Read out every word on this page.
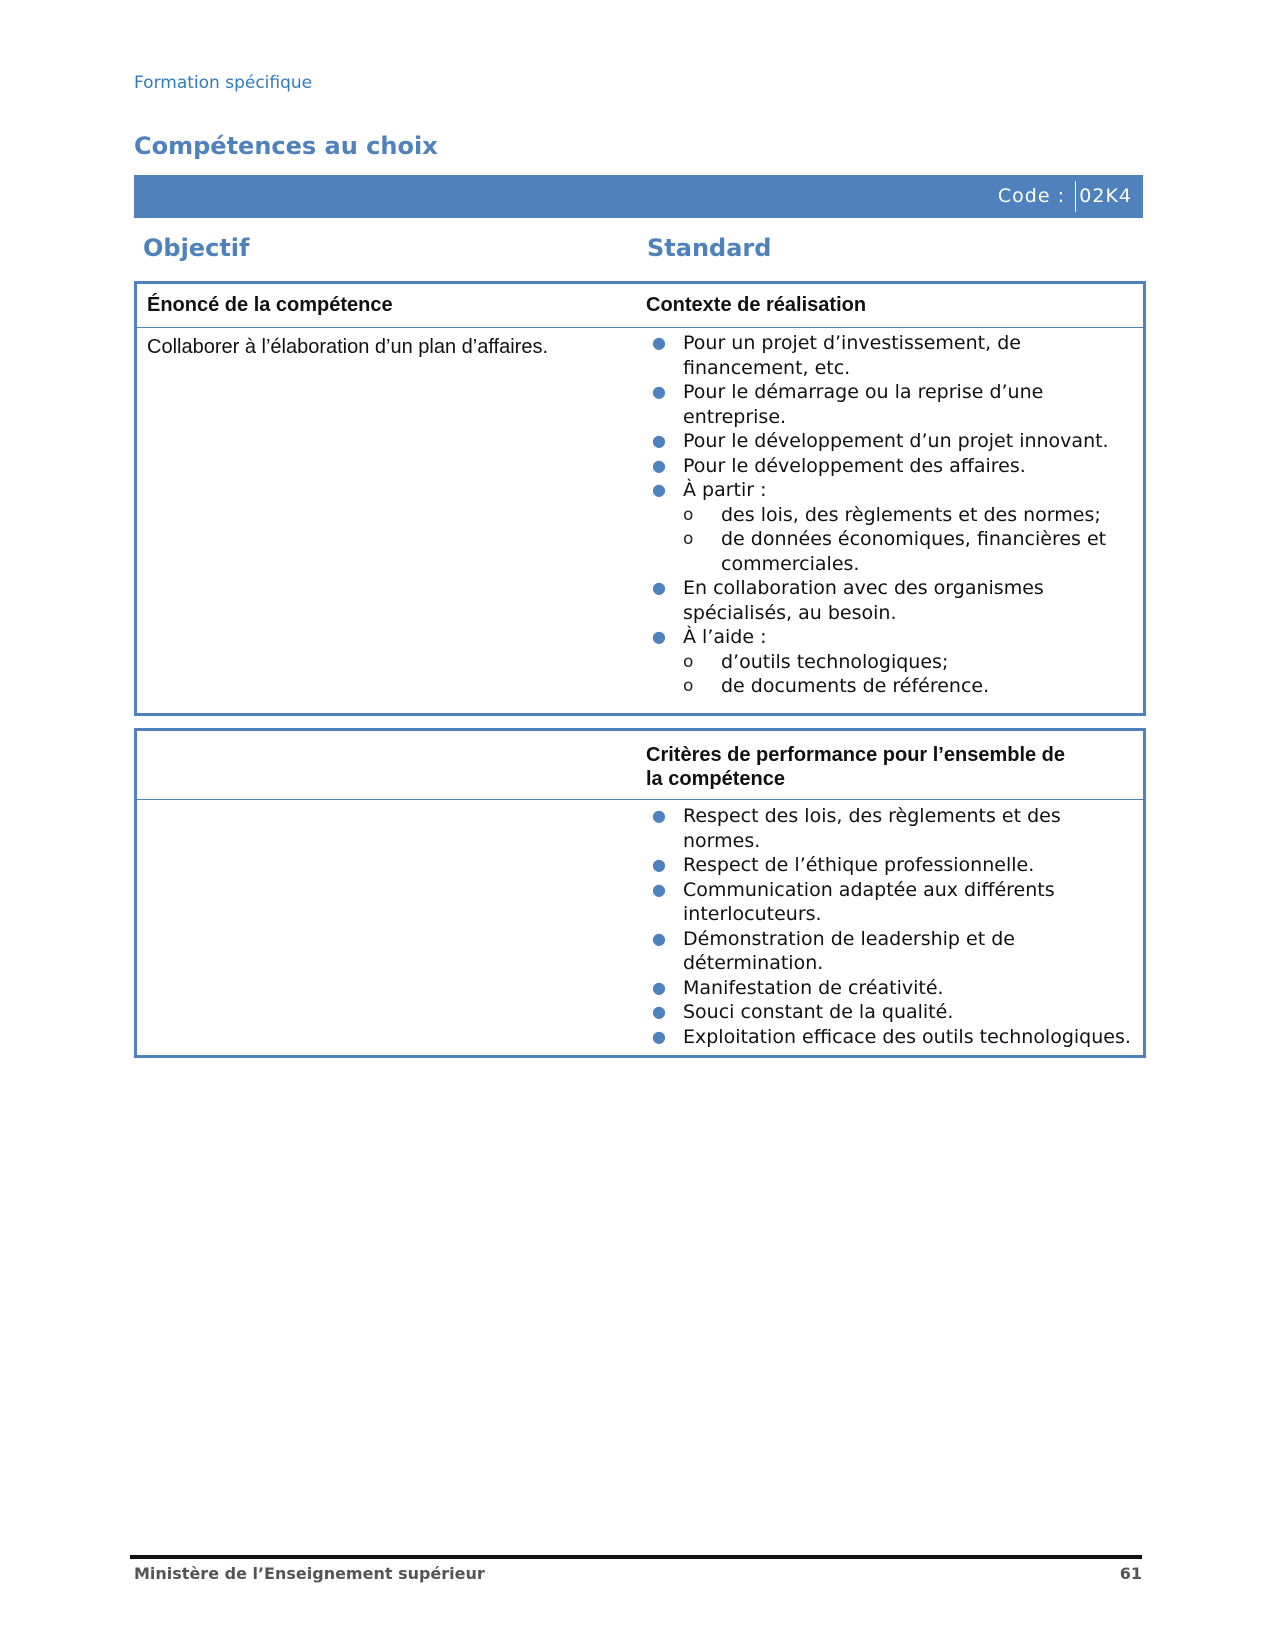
Formation spécifique
Compétences au choix
Code : 02K4
Objectif	Standard
Énoncé de la compétence	Contexte de réalisation
Collaborer à l’élaboration d’un plan d’affaires.	● Pour un projet d’investissement, de financement, etc.
● Pour le démarrage ou la reprise d’une entreprise.
● Pour le développement d’un projet innovant.
● Pour le développement des affaires.
● À partir :
o des lois, des règlements et des normes;
o de données économiques, financières et commerciales.
● En collaboration avec des organismes spécialisés, au besoin.
● À l’aide :
o d’outils technologiques;
o de documents de référence.
Critères de performance pour l’ensemble de la compétence
● Respect des lois, des règlements et des normes.
● Respect de l’éthique professionnelle.
● Communication adaptée aux différents interlocuteurs.
● Démonstration de leadership et de détermination.
● Manifestation de créativité.
● Souci constant de la qualité.
● Exploitation efficace des outils technologiques.
Ministère de l’Enseignement supérieur	61
